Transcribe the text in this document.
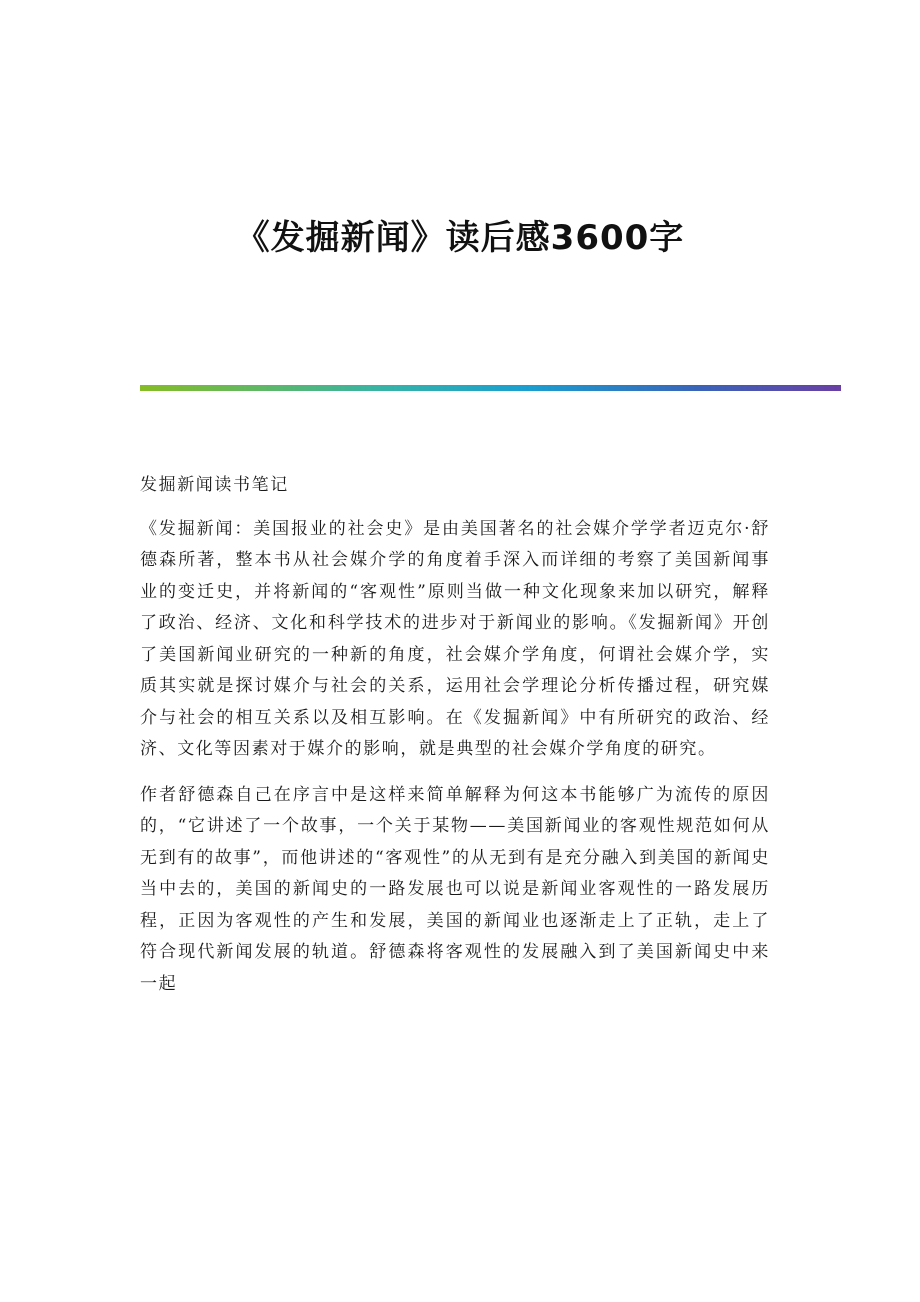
《发掘新闻》读后感3600字

发掘新闻读书笔记

《发掘新闻：美国报业的社会史》是由美国著名的社会媒介学学者迈克尔·舒德森所著，整本书从社会媒介学的角度着手深入而详细的考察了美国新闻事业的变迁史，并将新闻的“客观性”原则当做一种文化现象来加以研究，解释了政治、经济、文化和科学技术的进步对于新闻业的影响。《发掘新闻》开创了美国新闻业研究的一种新的角度，社会媒介学角度，何谓社会媒介学，实质其实就是探讨媒介与社会的关系，运用社会学理论分析传播过程，研究媒介与社会的相互关系以及相互影响。在《发掘新闻》中有所研究的政治、经济、文化等因素对于媒介的影响，就是典型的社会媒介学角度的研究。

作者舒德森自己在序言中是这样来简单解释为何这本书能够广为流传的原因的，“它讲述了一个故事，一个关于某物——美国新闻业的客观性规范如何从无到有的故事”，而他讲述的“客观性”的从无到有是充分融入到美国的新闻史当中去的，美国的新闻史的一路发展也可以说是新闻业客观性的一路发展历程，正因为客观性的产生和发展，美国的新闻业也逐渐走上了正轨，走上了符合现代新闻发展的轨道。舒德森将客观性的发展融入到了美国新闻史中来一起
